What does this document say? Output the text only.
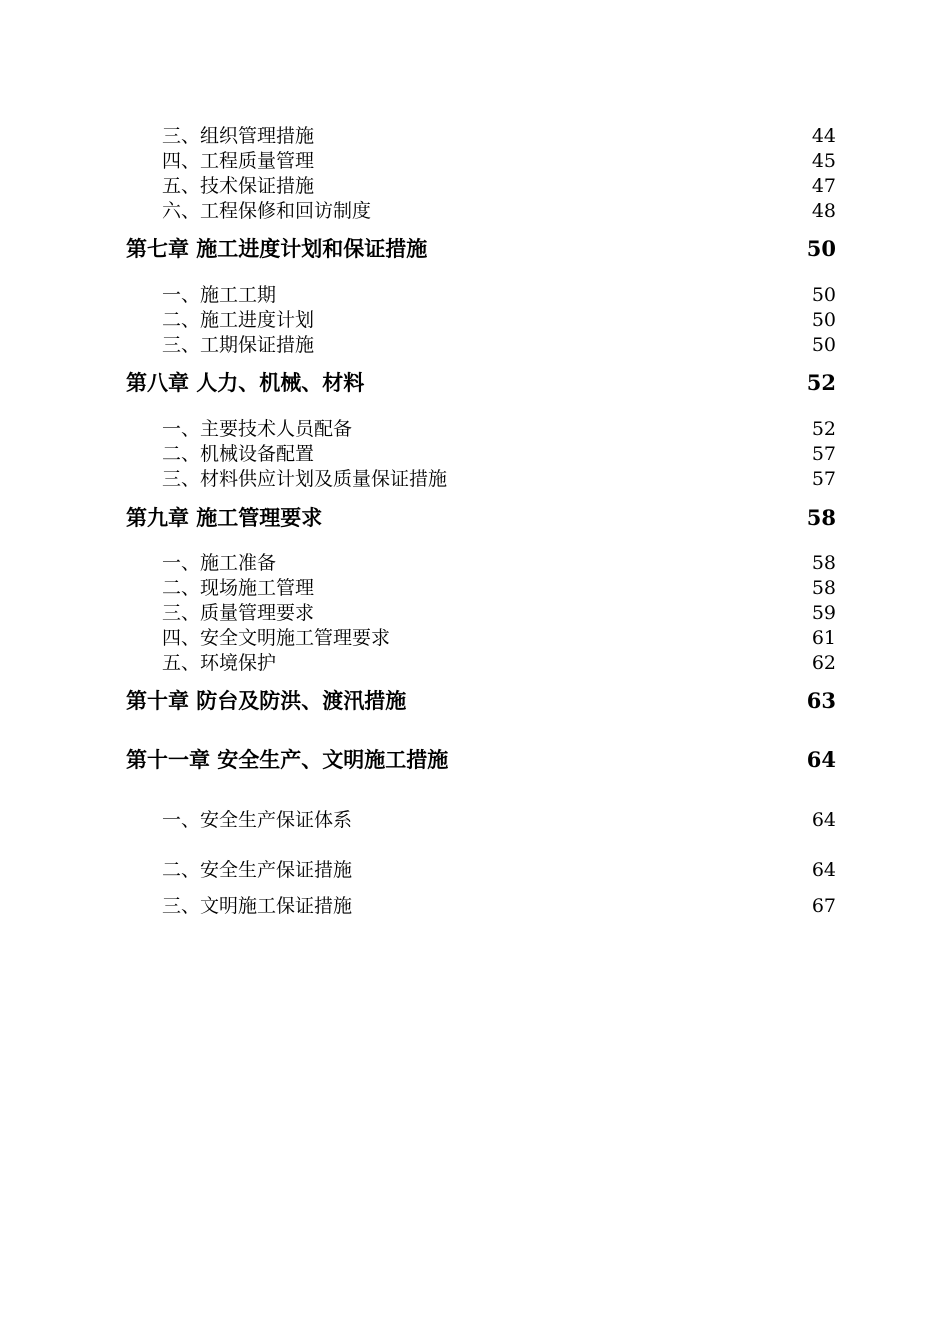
三、组织管理措施	44
四、工程质量管理	45
五、技术保证措施	47
六、工程保修和回访制度	48
第七章 施工进度计划和保证措施	50
一、施工工期	50
二、施工进度计划	50
三、工期保证措施	50
第八章 人力、机械、材料	52
一、主要技术人员配备	52
二、机械设备配置	57
三、材料供应计划及质量保证措施	57
第九章 施工管理要求	58
一、施工准备	58
二、现场施工管理	58
三、质量管理要求	59
四、安全文明施工管理要求	61
五、环境保护	62
第十章 防台及防洪、渡汛措施	63
第十一章 安全生产、文明施工措施	64
一、安全生产保证体系	64
二、安全生产保证措施	64
三、文明施工保证措施	67
